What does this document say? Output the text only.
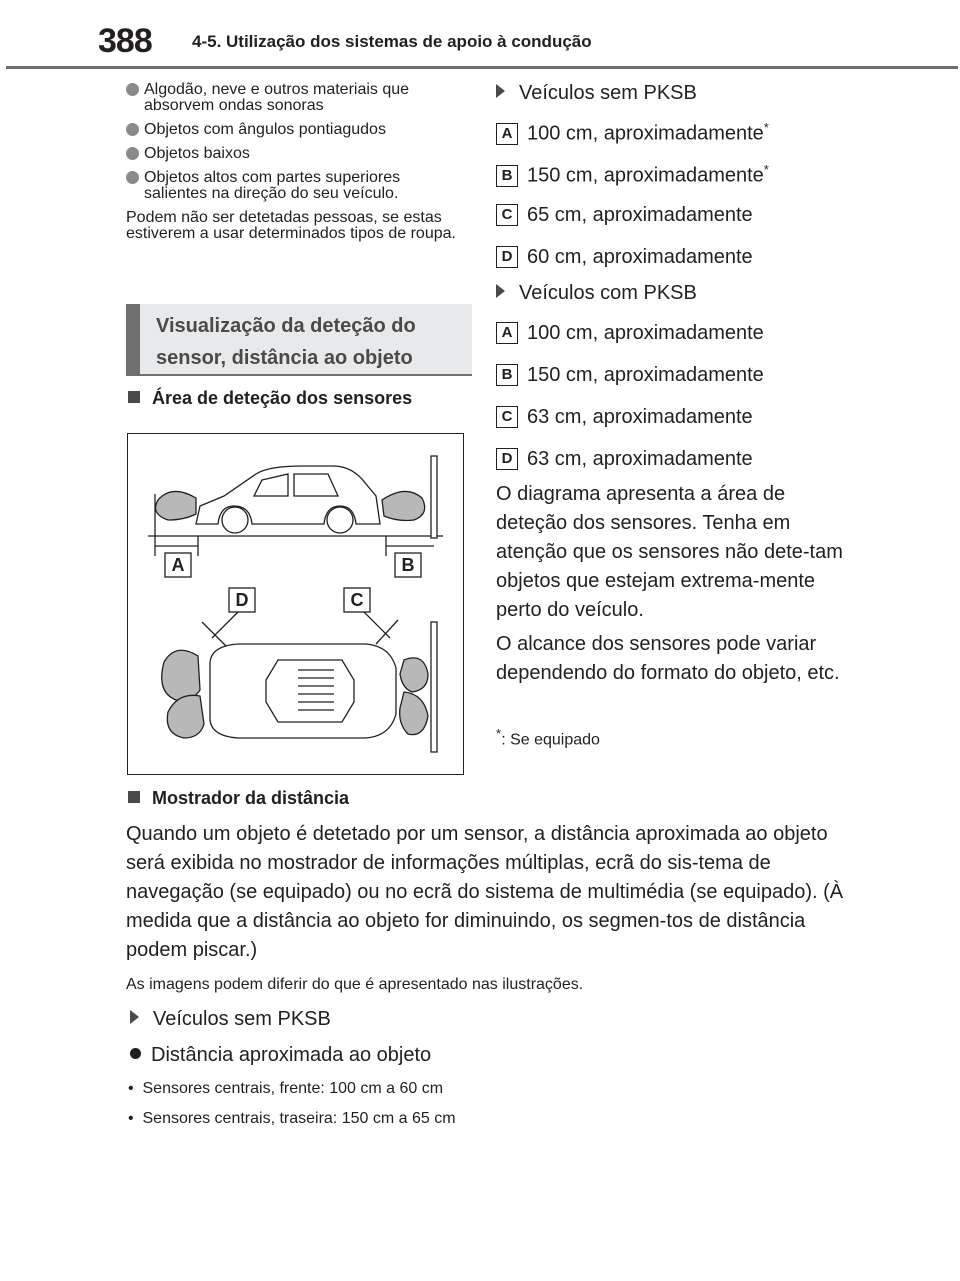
388 4-5. Utilização dos sistemas de apoio à condução
Algodão, neve e outros materiais que absorvem ondas sonoras
Objetos com ângulos pontiagudos
Objetos baixos
Objetos altos com partes superiores salientes na direção do seu veículo.
Podem não ser detetadas pessoas, se estas estiverem a usar determinados tipos de roupa.
Visualização da deteção do
sensor, distância ao objeto
Área de deteção dos sensores
A	B
D	C
Veículos sem PKSB
A 100 cm, aproximadamente*
B 150 cm, aproximadamente*
C 65 cm, aproximadamente
D 60 cm, aproximadamente
Veículos com PKSB
A 100 cm, aproximadamente
B 150 cm, aproximadamente
C 63 cm, aproximadamente
D 63 cm, aproximadamente
O diagrama apresenta a área de deteção dos sensores. Tenha em atenção que os sensores não dete-tam objetos que estejam extrema-mente perto do veículo.
O alcance dos sensores pode variar dependendo do formato do objeto, etc.
*: Se equipado
Mostrador da distância
Quando um objeto é detetado por um sensor, a distância aproximada ao objeto será exibida no mostrador de informações múltiplas, ecrã do sis-tema de navegação (se equipado) ou no ecrã do sistema de multimédia (se equipado). (À medida que a distância ao objeto for diminuindo, os segmen-tos de distância podem piscar.)
As imagens podem diferir do que é apresentado nas ilustrações.
Veículos sem PKSB
Distância aproximada ao objeto
•  Sensores centrais, frente: 100 cm a 60 cm
•  Sensores centrais, traseira: 150 cm a 65 cm
